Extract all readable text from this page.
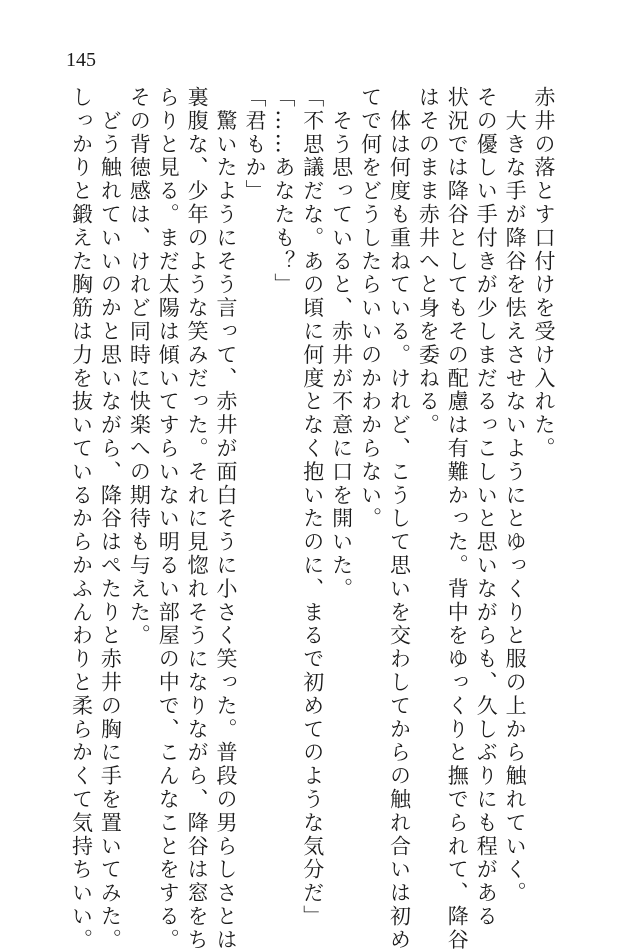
145

赤井の落とす口付けを受け入れた。

　大きな手が降谷を怯えさせないようにとゆっくりと服の上から触れていく。

その優しい手付きが少しまだるっこしいと思いながらも、久しぶりにも程がある

状況では降谷としてもその配慮は有難かった。背中をゆっくりと撫でられて、降谷

はそのまま赤井へと身を委ねる。

　体は何度も重ねている。けれど、こうして思いを交わしてからの触れ合いは初め

てで何をどうしたらいいのかわからない。

　そう思っていると、赤井が不意に口を開いた。

「不思議だな。あの頃に何度となく抱いたのに、まるで初めてのような気分だ」

「……あなたも？」

「君もか」

　驚いたようにそう言って、赤井が面白そうに小さく笑った。普段の男らしさとは

裏腹な、少年のような笑みだった。それに見惚れそうになりながら、降谷は窓をち

らりと見る。まだ太陽は傾いてすらいない明るい部屋の中で、こんなことをする。

その背徳感は、けれど同時に快楽への期待も与えた。

　どう触れていいのかと思いながら、降谷はぺたりと赤井の胸に手を置いてみた。

しっかりと鍛えた胸筋は力を抜いているからかふんわりと柔らかくて気持ちいい。
